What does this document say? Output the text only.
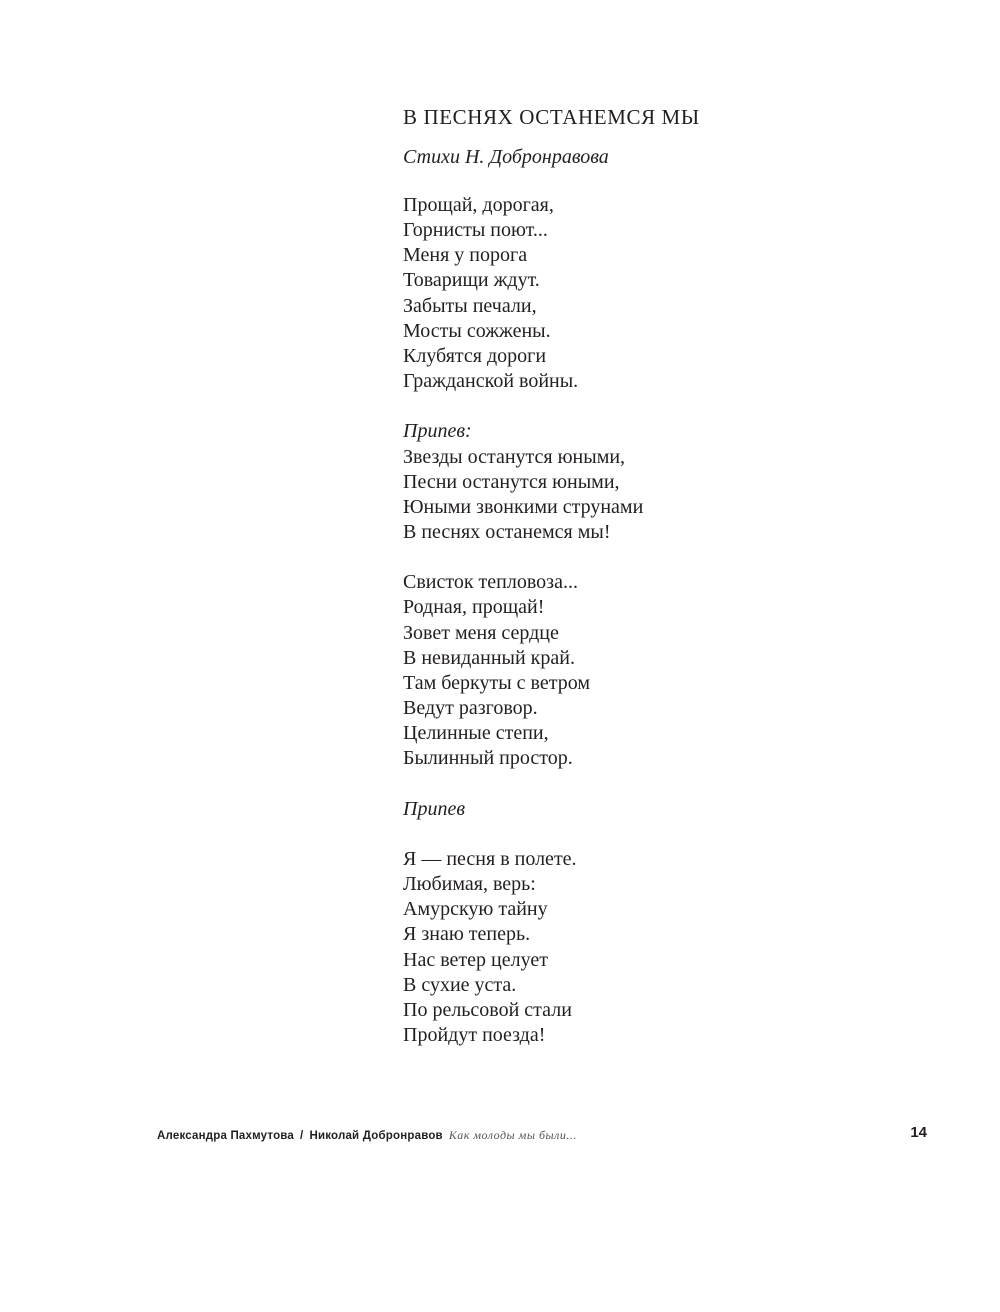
В ПЕСНЯХ ОСТАНЕМСЯ МЫ

Стихи Н. Добронравова

Прощай, дорогая,
Горнисты поют...
Меня у порога
Товарищи ждут.
Забыты печали,
Мосты сожжены.
Клубятся дороги
Гражданской войны.
Припев:
Звезды останутся юными,
Песни останутся юными,
Юными звонкими струнами
В песнях останемся мы!
Свисток тепловоза...
Родная, прощай!
Зовет меня сердце
В невиданный край.
Там беркуты с ветром
Ведут разговор.
Целинные степи,
Былинный простор.
Припев
Я — песня в полете.
Любимая, верь:
Амурскую тайну
Я знаю теперь.
Нас ветер целует
В сухие уста.
По рельсовой стали
Пройдут поезда!
Александра Пахмутова / Николай Добронравов Как молоды мы были...	14
